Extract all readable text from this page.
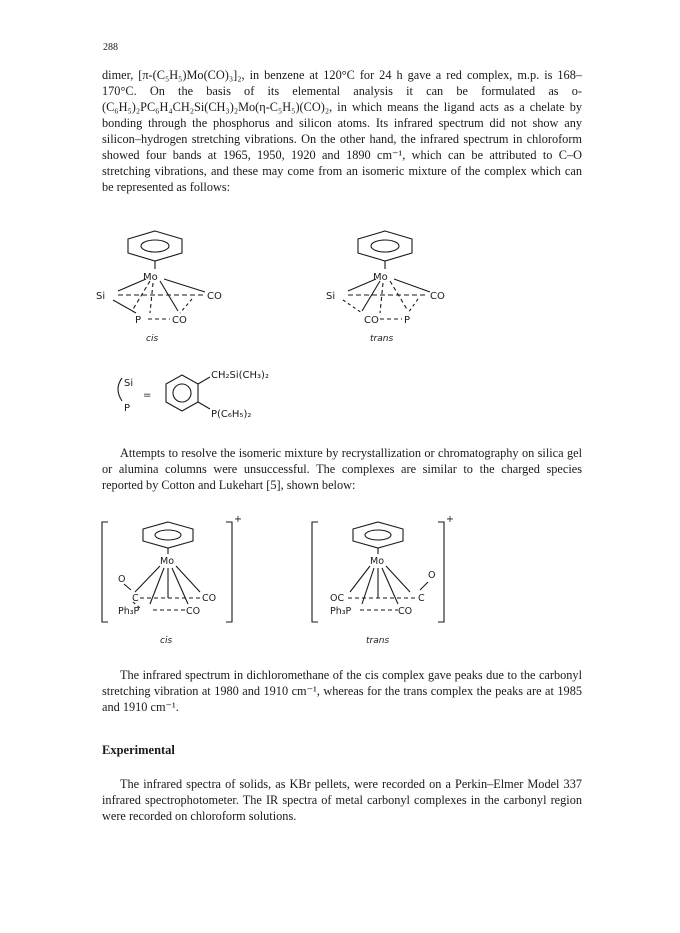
288

dimer, [π-(C₅H₅)Mo(CO)₃]₂, in benzene at 120°C for 24 h gave a red complex, m.p. is 168–170°C. On the basis of its elemental analysis it can be formulated as o-(C₆H₅)₂PC₆H₄CH₂Si(CH₃)₂Mo(η-C₅H₅)(CO)₂, in which means the ligand acts as a chelate by bonding through the phosphorus and silicon atoms. Its infrared spectrum did not show any silicon–hydrogen stretching vibrations. On the other hand, the infrared spectrum in chloroform showed four bands at 1965, 1950, 1920 and 1890 cm⁻¹, which can be attributed to C–O stretching vibrations, and these may come from an isomeric mixture of the complex which can be represented as follows:

Mo
Si	CO
P	CO
cis
Mo
Si	CO
CO	P
trans
Si
P
=
CH₂Si(CH₃)₂
P(C₆H₅)₂

Attempts to resolve the isomeric mixture by recrystallization or chromatography on silica gel or alumina columns were unsuccessful. The complexes are similar to the charged species reported by Cotton and Lukehart [5], shown below:

+
Mo
O
C	CO
Ph₃P	CO
cis
+
Mo
O
OC	C
Ph₃P	CO
trans

The infrared spectrum in dichloromethane of the cis complex gave peaks due to the carbonyl stretching vibration at 1980 and 1910 cm⁻¹, whereas for the trans complex the peaks are at 1985 and 1910 cm⁻¹.

Experimental

The infrared spectra of solids, as KBr pellets, were recorded on a Perkin–Elmer Model 337 infrared spectrophotometer. The IR spectra of metal carbonyl complexes in the carbonyl region were recorded on chloroform solutions.
